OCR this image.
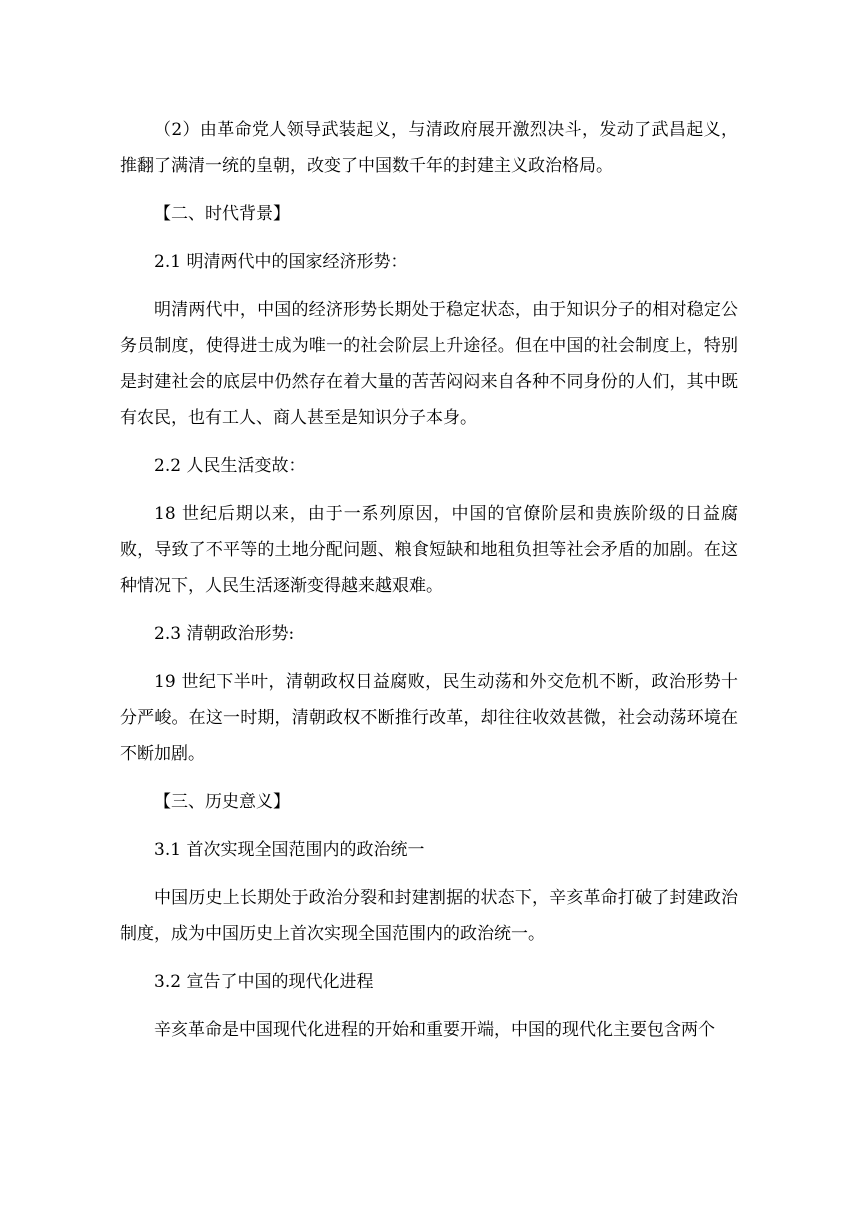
（2）由革命党人领导武装起义，与清政府展开激烈决斗，发动了武昌起义，推翻了满清一统的皇朝，改变了中国数千年的封建主义政治格局。

【二、时代背景】

2.1 明清两代中的国家经济形势：

明清两代中，中国的经济形势长期处于稳定状态，由于知识分子的相对稳定公务员制度，使得进士成为唯一的社会阶层上升途径。但在中国的社会制度上，特别是封建社会的底层中仍然存在着大量的苦苦闷闷来自各种不同身份的人们，其中既有农民，也有工人、商人甚至是知识分子本身。

2.2 人民生活变故：

18 世纪后期以来，由于一系列原因，中国的官僚阶层和贵族阶级的日益腐败，导致了不平等的土地分配问题、粮食短缺和地租负担等社会矛盾的加剧。在这种情况下，人民生活逐渐变得越来越艰难。

2.3 清朝政治形势:

19 世纪下半叶，清朝政权日益腐败，民生动荡和外交危机不断，政治形势十分严峻。在这一时期，清朝政权不断推行改革，却往往收效甚微，社会动荡环境在不断加剧。

【三、历史意义】

3.1 首次实现全国范围内的政治统一

中国历史上长期处于政治分裂和封建割据的状态下，辛亥革命打破了封建政治制度，成为中国历史上首次实现全国范围内的政治统一。

3.2 宣告了中国的现代化进程

辛亥革命是中国现代化进程的开始和重要开端，中国的现代化主要包含两个
